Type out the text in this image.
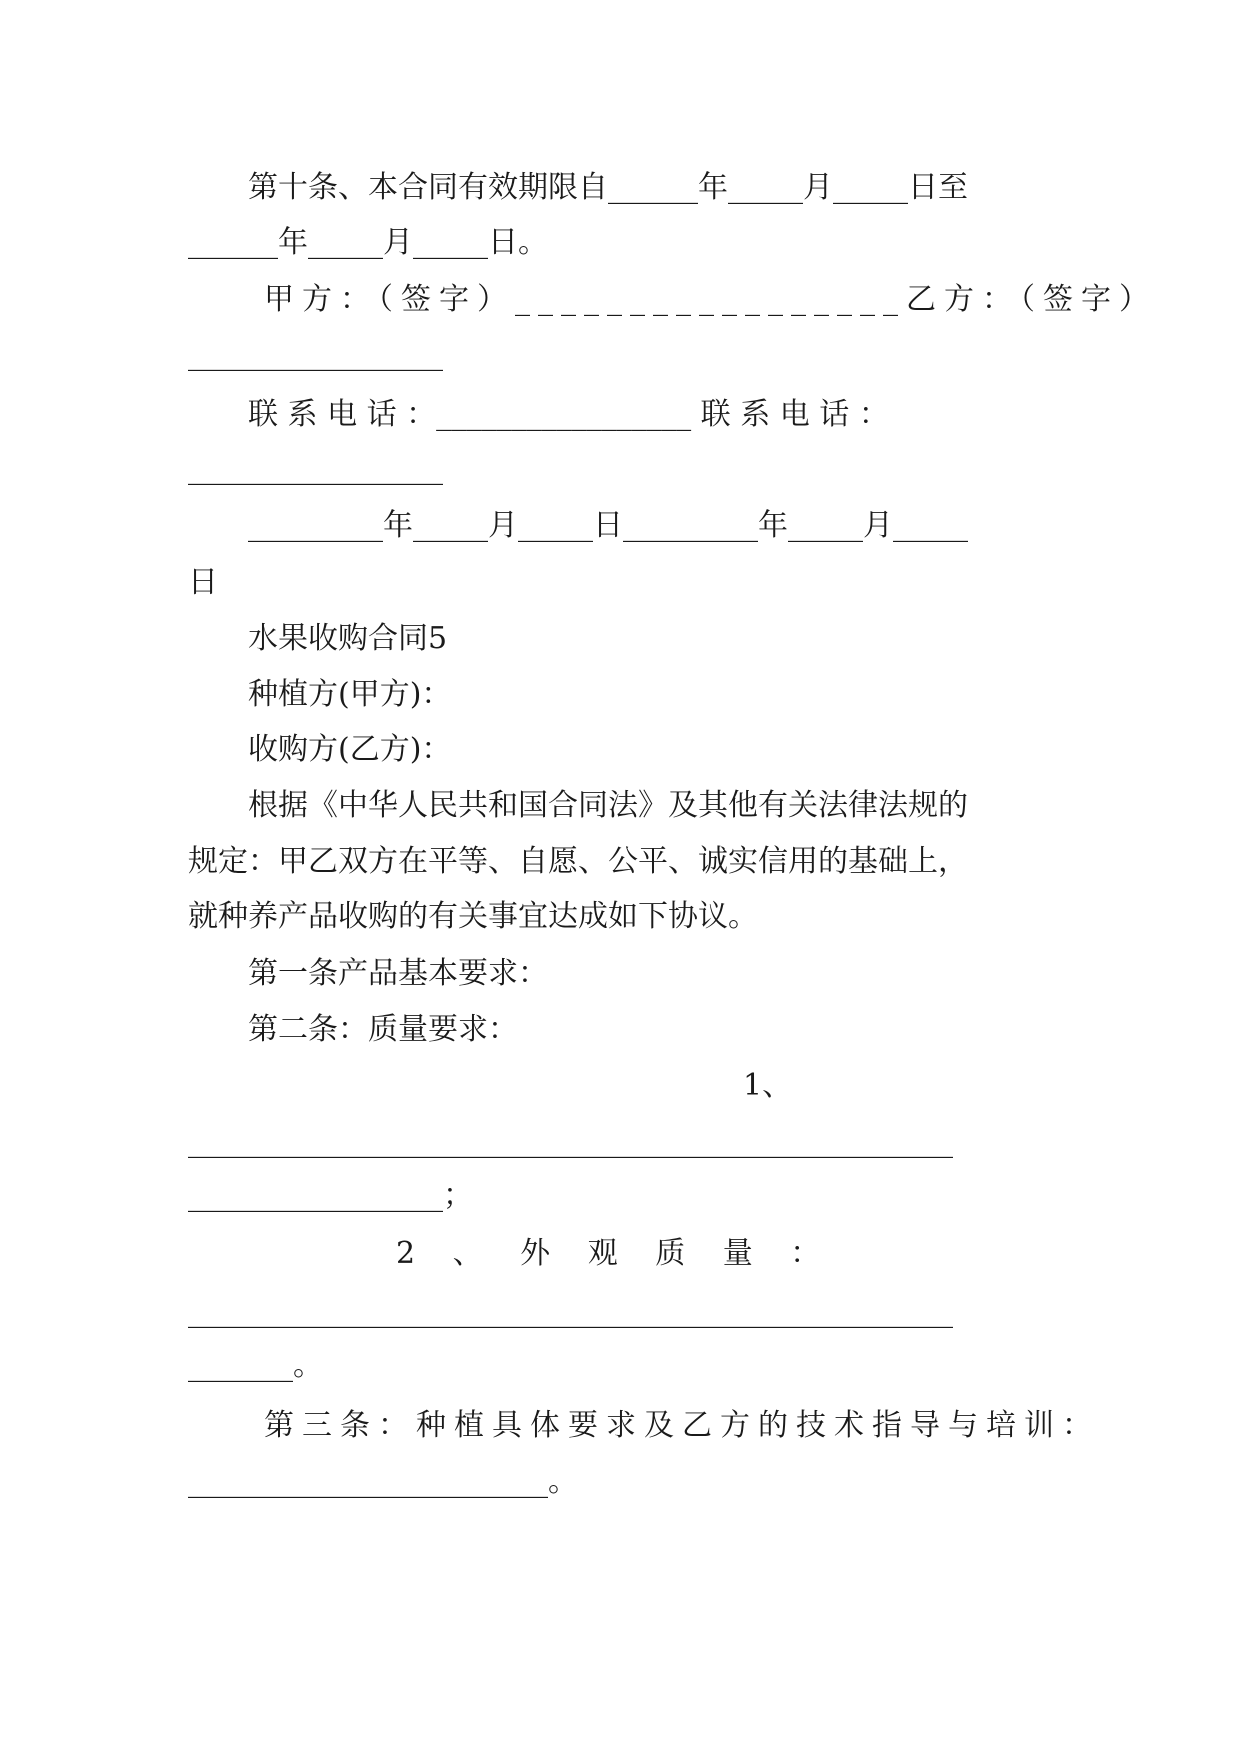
　　第十条、本合同有效期限自______年_____月_____日至
______年_____月_____日。
　　甲方：（签字）_________________乙方：（签字）
_________________
　　联 系 电 话 ：_________________ 联 系 电 话 ：
_________________
　　_________年_____月_____日_________年_____月_____
日
　　水果收购合同5
　　种植方(甲方)：
　　收购方(乙方)：
　　根据《中华人民共和国合同法》及其他有关法律法规的
规定：甲乙双方在平等、自愿、公平、诚实信用的基础上，
就种养产品收购的有关事宜达成如下协议。
　　第一条产品基本要求：
　　第二条：质量要求：
1、
___________________________________________________
_________________；
2 、 外 观 质 量 ：
___________________________________________________
_______。
　　第三条：种植具体要求及乙方的技术指导与培训：
________________________。
